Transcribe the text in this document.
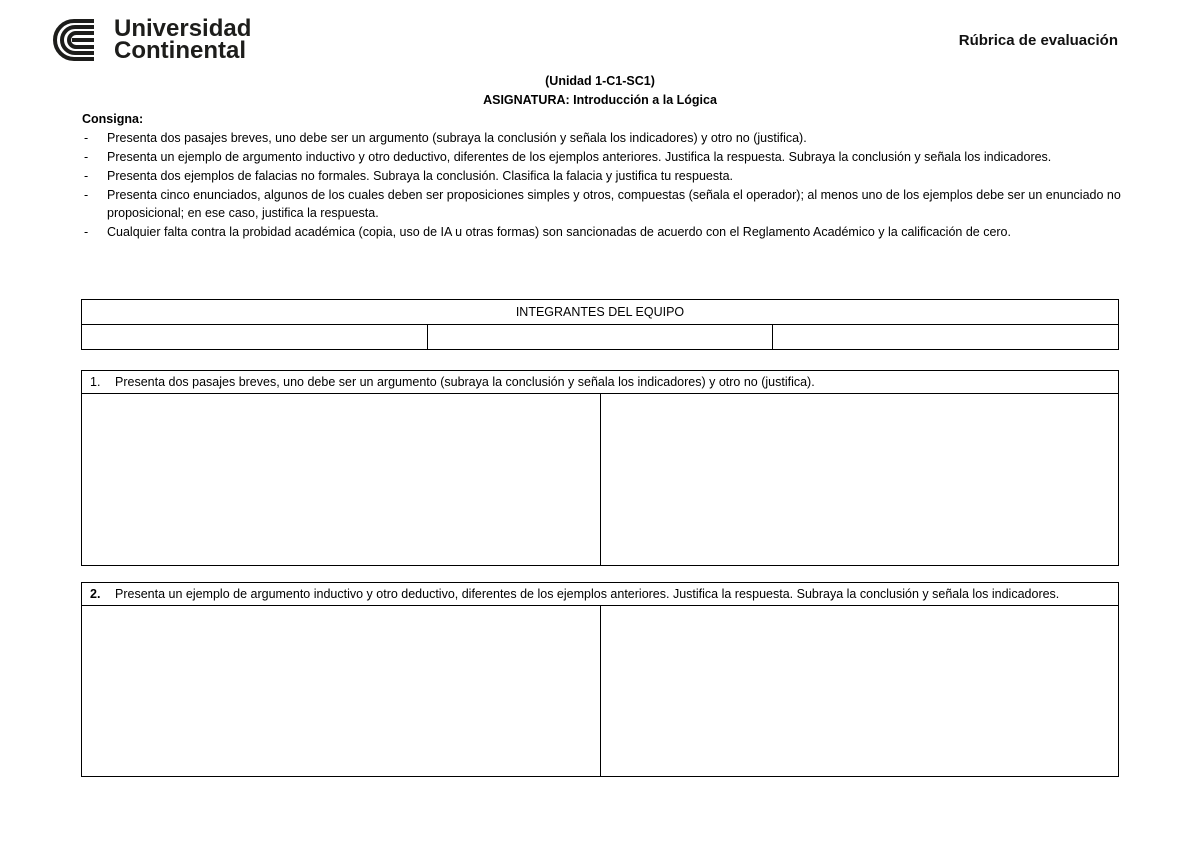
Universidad
Continental	Rúbrica de evaluación
(Unidad 1-C1-SC1)
ASIGNATURA: Introducción a la Lógica
Consigna:
- Presenta dos pasajes breves, uno debe ser un argumento (subraya la conclusión y señala los indicadores) y otro no (justifica).
- Presenta un ejemplo de argumento inductivo y otro deductivo, diferentes de los ejemplos anteriores. Justifica la respuesta. Subraya la conclusión y señala los indicadores.
- Presenta dos ejemplos de falacias no formales. Subraya la conclusión. Clasifica la falacia y justifica tu respuesta.
- Presenta cinco enunciados, algunos de los cuales deben ser proposiciones simples y otros, compuestas (señala el operador); al menos uno de los ejemplos debe ser un enunciado no proposicional; en ese caso, justifica la respuesta.
- Cualquier falta contra la probidad académica (copia, uso de IA u otras formas) son sancionadas de acuerdo con el Reglamento Académico y la calificación de cero.
INTEGRANTES DEL EQUIPO

1. Presenta dos pasajes breves, uno debe ser un argumento (subraya la conclusión y señala los indicadores) y otro no (justifica).

2. Presenta un ejemplo de argumento inductivo y otro deductivo, diferentes de los ejemplos anteriores. Justifica la respuesta. Subraya la conclusión y señala los indicadores.
